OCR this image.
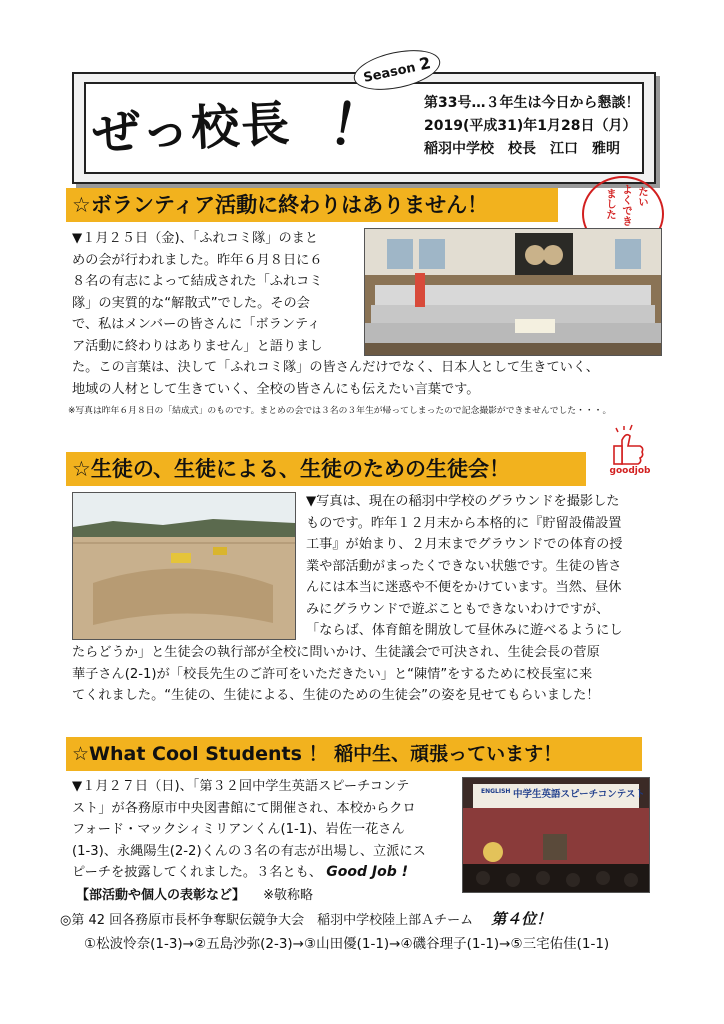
ぜっ校長 ！
Season 2
第33号…３年生は今日から懇談！
2019(平成31)年1月28日（月）
稲羽中学校　校長　江口　雅明
☆ボランティア活動に終わりはありません！	たい
よくでき
ました
▼１月２５日（金)、「ふれコミ隊」のまと
めの会が行われました。昨年６月８日に６
８名の有志によって結成された「ふれコミ
隊」の実質的な“解散式”でした。その会
で、私はメンバーの皆さんに「ボランティ
ア活動に終わりはありません」と語りまし
た。この言葉は、決して「ふれコミ隊」の皆さんだけでなく、日本人として生きていく、
地域の人材として生きていく、全校の皆さんにも伝えたい言葉です。
※写真は昨年６月８日の「結成式」のものです。まとめの会では３名の３年生が帰ってしまったので記念撮影ができませんでした・・・。
☆生徒の、生徒による、生徒のための生徒会！	goodjob
▼写真は、現在の稲羽中学校のグラウンドを撮影した
ものです。昨年１２月末から本格的に『貯留設備設置
工事』が始まり、２月末までグラウンドでの体育の授
業や部活動がまったくできない状態です。生徒の皆さ
んには本当に迷惑や不便をかけています。当然、昼休
みにグラウンドで遊ぶこともできないわけですが、
「ならば、体育館を開放して昼休みに遊べるようにし
たらどうか」と生徒会の執行部が全校に問いかけ、生徒議会で可決され、生徒会長の菅原
華子さん(2-1)が「校長先生のご許可をいただきたい」と“陳情”をするために校長室に来
てくれました。“生徒の、生徒による、生徒のための生徒会”の姿を見せてもらいました！
☆What Cool Students ！ 稲中生、頑張っています！
▼１月２７日（日)、「第３２回中学生英語スピーチコンテ
スト」が各務原市中央図書館にて開催され、本校からクロ
フォード・マックシィミリアンくん(1-1)、岩佐一花さん
(1-3)、永縄陽生(2-2)くんの３名の有志が出場し、立派にス
ピーチを披露してくれました。３名とも、 Good Job !
ENGLISH 中学生英語スピーチコンテスト
【部活動や個人の表彰など】 ※敬称略
◎第 42 回各務原市長杯争奪駅伝競争大会　稲羽中学校陸上部Ａチーム 第４位！
①松波怜奈(1-3)→②五島沙弥(2-3)→③山田優(1-1)→④磯谷理子(1-1)→⑤三宅佑佳(1-1)
